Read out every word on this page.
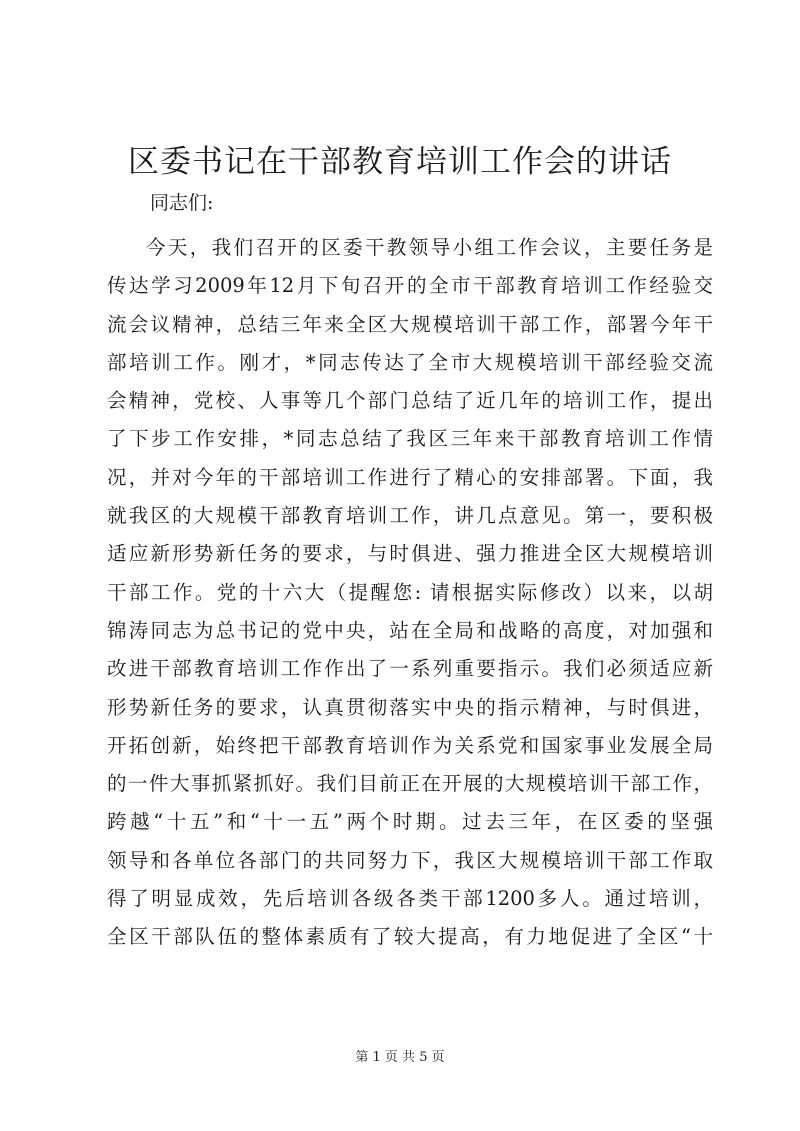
区委书记在干部教育培训工作会的讲话

同志们:

今天，我们召开的区委干教领导小组工作会议，主要任务是
传达学习2009年12月下旬召开的全市干部教育培训工作经验交
流会议精神，总结三年来全区大规模培训干部工作，部署今年干
部培训工作。刚才，*同志传达了全市大规模培训干部经验交流
会精神，党校、人事等几个部门总结了近几年的培训工作，提出
了下步工作安排，*同志总结了我区三年来干部教育培训工作情
况，并对今年的干部培训工作进行了精心的安排部署。下面，我
就我区的大规模干部教育培训工作，讲几点意见。第一，要积极
适应新形势新任务的要求，与时俱进、强力推进全区大规模培训
干部工作。党的十六大（提醒您: 请根据实际修改）以来，以胡
锦涛同志为总书记的党中央，站在全局和战略的高度，对加强和
改进干部教育培训工作作出了一系列重要指示。我们必须适应新
形势新任务的要求，认真贯彻落实中央的指示精神，与时俱进，
开拓创新，始终把干部教育培训作为关系党和国家事业发展全局
的一件大事抓紧抓好。我们目前正在开展的大规模培训干部工作，
跨越“十五”和“十一五”两个时期。过去三年，在区委的坚强
领导和各单位各部门的共同努力下，我区大规模培训干部工作取
得了明显成效，先后培训各级各类干部1200多人。通过培训，
全区干部队伍的整体素质有了较大提高，有力地促进了全区“十
第 1 页 共 5 页
